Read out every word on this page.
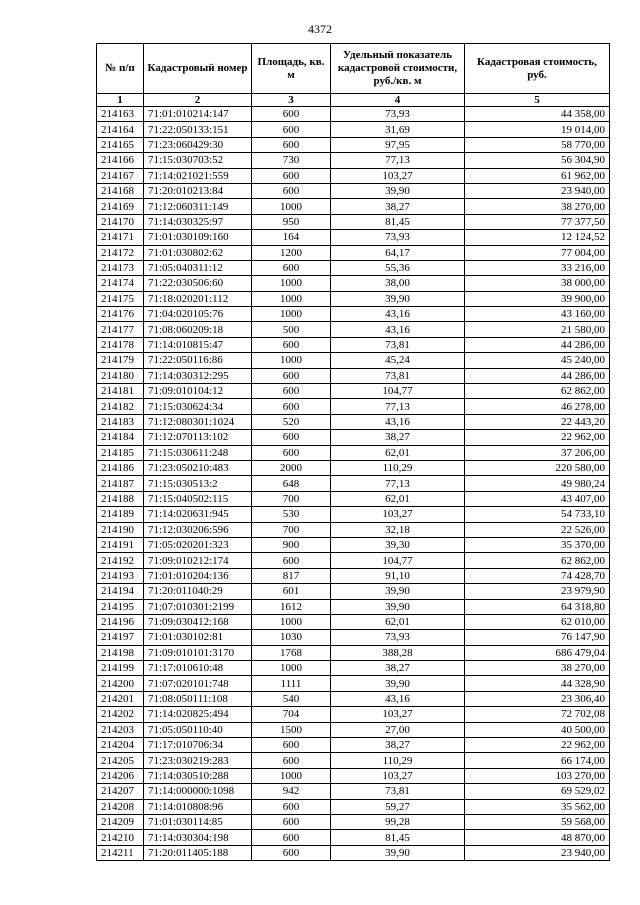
4372
№ п/п	Кадастровый номер	Площадь, кв. м	Удельный показатель кадастровой стоимости, руб./кв. м	Кадастровая стоимость, руб.
1	2	3	4	5
214163	71:01:010214:147	600	73,93	44 358,00
214164	71:22:050133:151	600	31,69	19 014,00
214165	71:23:060429:30	600	97,95	58 770,00
214166	71:15:030703:52	730	77,13	56 304,90
214167	71:14:021021:559	600	103,27	61 962,00
214168	71:20:010213:84	600	39,90	23 940,00
214169	71:12:060311:149	1000	38,27	38 270,00
214170	71:14:030325:97	950	81,45	77 377,50
214171	71:01:030109:160	164	73,93	12 124,52
214172	71:01:030802:62	1200	64,17	77 004,00
214173	71:05:040311:12	600	55,36	33 216,00
214174	71:22:030506:60	1000	38,00	38 000,00
214175	71:18:020201:112	1000	39,90	39 900,00
214176	71:04:020105:76	1000	43,16	43 160,00
214177	71:08:060209:18	500	43,16	21 580,00
214178	71:14:010815:47	600	73,81	44 286,00
214179	71:22:050116:86	1000	45,24	45 240,00
214180	71:14:030312:295	600	73,81	44 286,00
214181	71:09:010104:12	600	104,77	62 862,00
214182	71:15:030624:34	600	77,13	46 278,00
214183	71:12:080301:1024	520	43,16	22 443,20
214184	71:12:070113:102	600	38,27	22 962,00
214185	71:15:030611:248	600	62,01	37 206,00
214186	71:23:050210:483	2000	110,29	220 580,00
214187	71:15:030513:2	648	77,13	49 980,24
214188	71:15:040502:115	700	62,01	43 407,00
214189	71:14:020631:945	530	103,27	54 733,10
214190	71:12:030206:596	700	32,18	22 526,00
214191	71:05:020201:323	900	39,30	35 370,00
214192	71:09:010212:174	600	104,77	62 862,00
214193	71:01:010204:136	817	91,10	74 428,70
214194	71:20:011040:29	601	39,90	23 979,90
214195	71:07:010301:2199	1612	39,90	64 318,80
214196	71:09:030412:168	1000	62,01	62 010,00
214197	71:01:030102:81	1030	73,93	76 147,90
214198	71:09:010101:3170	1768	388,28	686 479,04
214199	71:17:010610:48	1000	38,27	38 270,00
214200	71:07:020101:748	1111	39,90	44 328,90
214201	71:08:050111:108	540	43,16	23 306,40
214202	71:14:020825:494	704	103,27	72 702,08
214203	71:05:050110:40	1500	27,00	40 500,00
214204	71:17:010706:34	600	38,27	22 962,00
214205	71:23:030219:283	600	110,29	66 174,00
214206	71:14:030510:288	1000	103,27	103 270,00
214207	71:14:000000:1098	942	73,81	69 529,02
214208	71:14:010808:96	600	59,27	35 562,00
214209	71:01:030114:85	600	99,28	59 568,00
214210	71:14:030304:198	600	81,45	48 870,00
214211	71:20:011405:188	600	39,90	23 940,00
